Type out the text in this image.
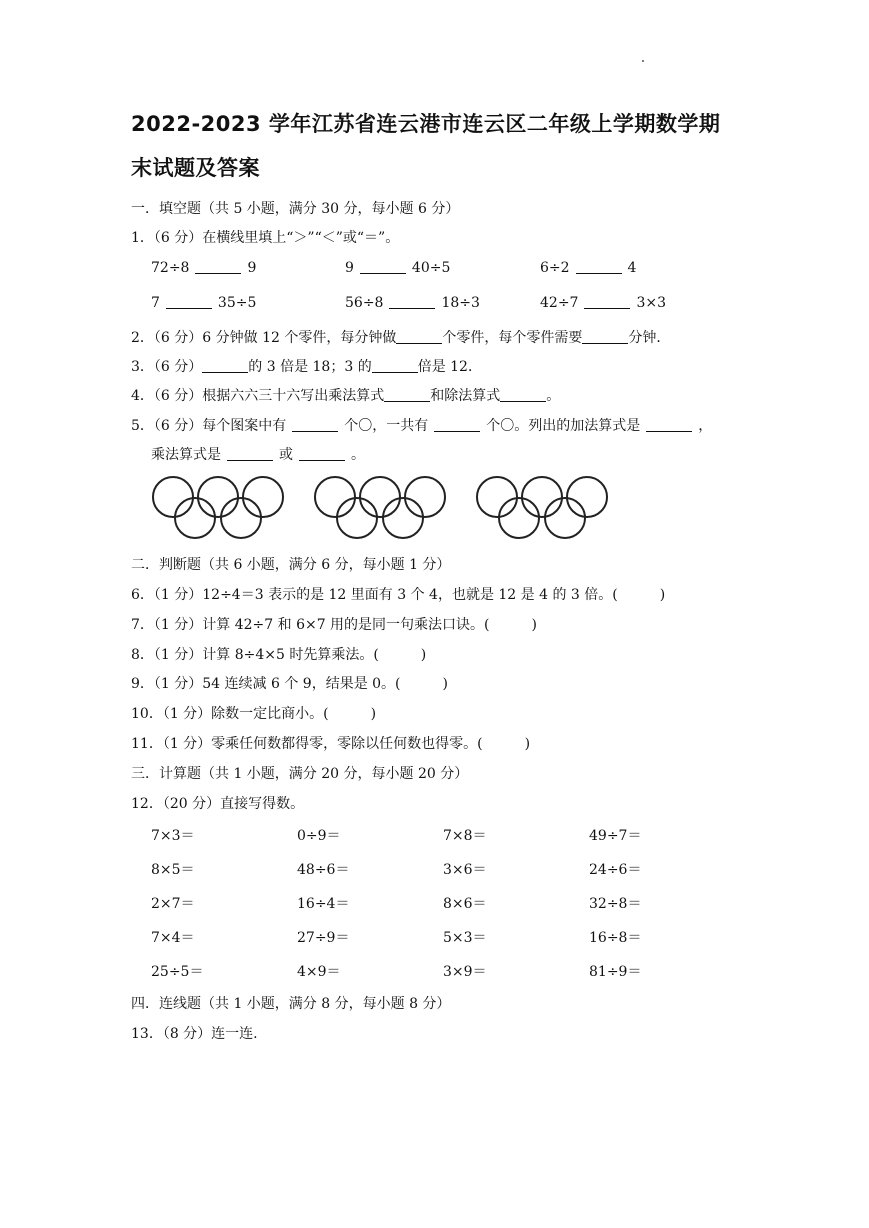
2022-2023 学年江苏省连云港市连云区二年级上学期数学期
末试题及答案
一．填空题（共 5 小题，满分 30 分，每小题 6 分）
1．（6 分）在横线里填上“＞”“＜”或“＝”。
72÷8	9	9	40÷5	6÷2	4
7	35÷5	56÷8	18÷3	42÷7	3×3
2．（6 分）6 分钟做 12 个零件，每分钟做	个零件，每个零件需要	分钟．
3．（6 分）	的 3 倍是 18；3 的	倍是 12．
4．（6 分）根据六六三十六写出乘法算式	和除法算式	。
5．（6 分）每个图案中有	个〇，一共有	个〇。列出的加法算式是	，
乘法算式是	或	。
二．判断题（共 6 小题，满分 6 分，每小题 1 分）
6．（1 分）12÷4＝3 表示的是 12 里面有 3 个 4，也就是 12 是 4 的 3 倍。(　　　)
7．（1 分）计算 42÷7 和 6×7 用的是同一句乘法口诀。(　　　)
8．（1 分）计算 8÷4×5 时先算乘法。(　　　)
9．（1 分）54 连续减 6 个 9，结果是 0。(　　　)
10．（1 分）除数一定比商小。(　　　)
11．（1 分）零乘任何数都得零，零除以任何数也得零。(　　　)
三．计算题（共 1 小题，满分 20 分，每小题 20 分）
12．（20 分）直接写得数。
7×3＝	0÷9＝	7×8＝	49÷7＝
8×5＝	48÷6＝	3×6＝	24÷6＝
2×7＝	16÷4＝	8×6＝	32÷8＝
7×4＝	27÷9＝	5×3＝	16÷8＝
25÷5＝	4×9＝	3×9＝	81÷9＝
四．连线题（共 1 小题，满分 8 分，每小题 8 分）
13．（8 分）连一连.
